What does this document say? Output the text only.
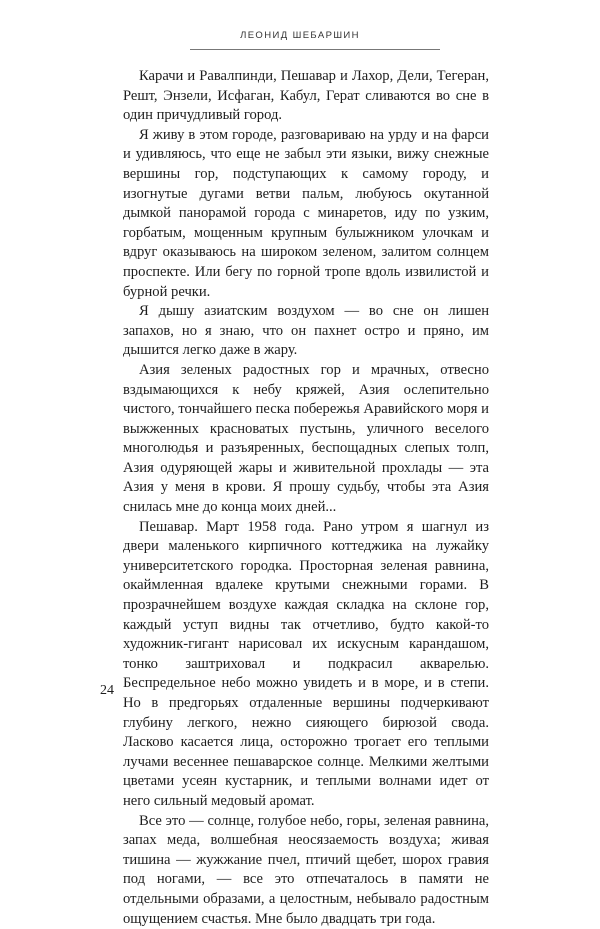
ЛЕОНИД ШЕБАРШИН

Карачи и Равалпинди, Пешавар и Лахор, Дели, Тегеран, Решт, Энзели, Исфаган, Кабул, Герат сливаются во сне в один причудливый город.

Я живу в этом городе, разговариваю на урду и на фарси и удивляюсь, что еще не забыл эти языки, вижу снежные вершины гор, подступающих к самому городу, и изогнутые дугами ветви пальм, любуюсь окутанной дымкой панорамой города с минаретов, иду по узким, горбатым, мощенным крупным булыжником улочкам и вдруг оказываюсь на широком зеленом, залитом солнцем проспекте. Или бегу по горной тропе вдоль извилистой и бурной речки.

Я дышу азиатским воздухом — во сне он лишен запахов, но я знаю, что он пахнет остро и пряно, им дышится легко даже в жару.

Азия зеленых радостных гор и мрачных, отвесно вздымающихся к небу кряжей, Азия ослепительно чистого, тончайшего песка побережья Аравийского моря и выжженных красноватых пустынь, уличного веселого многолюдья и разъяренных, беспощадных слепых толп, Азия одуряющей жары и живительной прохлады — эта Азия у меня в крови. Я прошу судьбу, чтобы эта Азия снилась мне до конца моих дней...

Пешавар. Март 1958 года. Рано утром я шагнул из двери маленького кирпичного коттеджика на лужайку университетского городка. Просторная зеленая равнина, окаймленная вдалеке крутыми снежными горами. В прозрачнейшем воздухе каждая складка на склоне гор, каждый уступ видны так отчетливо, будто какой-то художник-гигант нарисовал их искусным карандашом, тонко заштриховал и подкрасил акварелью. Беспредельное небо можно увидеть и в море, и в степи. Но в предгорьях отдаленные вершины подчеркивают глубину легкого, нежно сияющего бирюзой свода. Ласково касается лица, осторожно трогает его теплыми лучами весеннее пешаварское солнце. Мелкими желтыми цветами усеян кустарник, и теплыми волнами идет от него сильный медовый аромат.

Все это — солнце, голубое небо, горы, зеленая равнина, запах меда, волшебная неосязаемость воздуха; живая тишина — жужжание пчел, птичий щебет, шорох гравия под ногами, — все это отпечаталось в памяти не отдельными образами, а целостным, небывало радостным ощущением счастья. Мне было двадцать три года.

24
